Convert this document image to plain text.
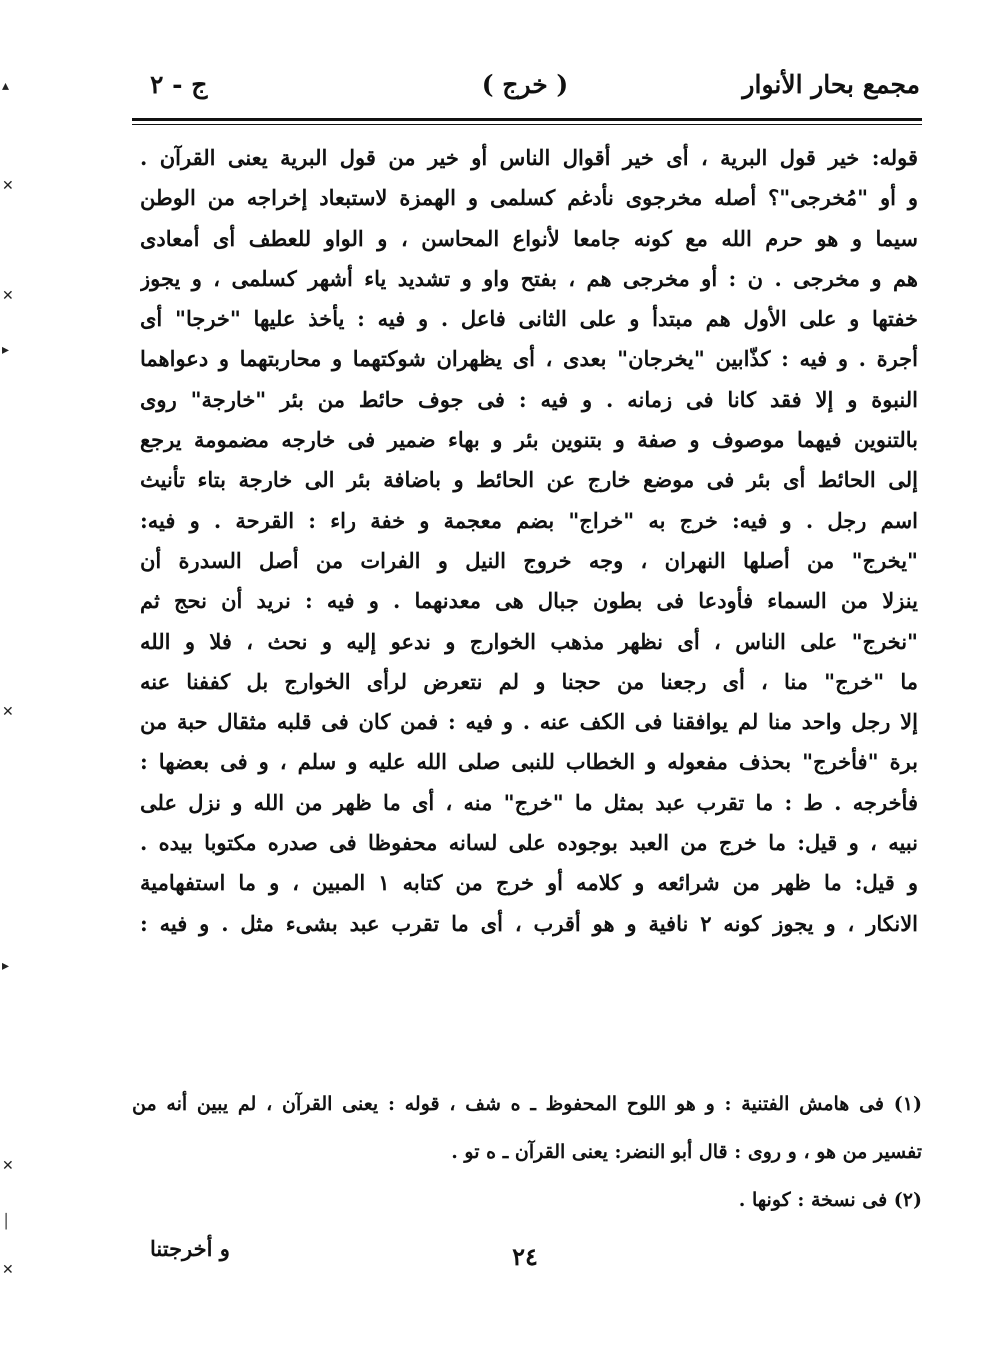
مجمع بحار الأنوار
( خرج )
ج - ٢
قوله: خير قول البرية ، أى خير أقوال الناس أو خير من قول البرية يعنى القرآن .
و أو "مُخرجى"؟ أصله مخرجوى نأدغم كسلمى و الهمزة لاستبعاد إخراجه من الوطن
سيما و هو حرم الله مع كونه جامعا لأنواع المحاسن ، و الواو للعطف أى أمعادى
هم و مخرجى . ن : أو مخرجى هم ، بفتح واو و تشديد ياء أشهر كسلمى ، و يجوز
خفتها و على الأول هم مبتدأ و على الثانى فاعل . و فيه : يأخذ عليها "خرجا" أى
أجرة . و فيه : كذّابين "يخرجان" بعدى ، أى يظهران شوكتهما و محاربتهما و دعواهما
النبوة و إلا فقد كانا فى زمانه . و فيه : فى جوف حائط من بئر "خارجة" روى
بالتنوين فيهما موصوف و صفة و بتنوين بئر و بهاء ضمير فى خارجه مضمومة يرجع
إلى الحائط أى بئر فى موضع خارج عن الحائط و باضافة بئر الى خارجة بتاء تأنيث
اسم رجل . و فيه: خرج به "خراج" بضم معجمة و خفة راء : القرحة . و فيه:
"يخرج" من أصلها النهران ، وجه خروج النيل و الفرات من أصل السدرة أن
ينزلا من السماء فأودعا فى بطون جبال هى معدنهما . و فيه : نريد أن نحج ثم
"نخرج" على الناس ، أى نظهر مذهب الخوارج و ندعو إليه و نحث ، فلا و الله
ما "خرج" منا ، أى رجعنا من حجنا و لم نتعرض لرأى الخوارج بل كففنا عنه
إلا رجل واحد منا لم يوافقنا فى الكف عنه . و فيه : فمن كان فى قلبه مثقال حبة من
برة "فأخرج" بحذف مفعوله و الخطاب للنبى صلى الله عليه و سلم ، و فى بعضها :
فأخرجه . ط : ما تقرب عبد بمثل ما "خرج" منه ، أى ما ظهر من الله و نزل على
نبيه ، و قيل: ما خرج من العبد بوجوده على لسانه محفوظا فى صدره مكتوبا بيده .
و قيل: ما ظهر من شرائعه و كلامه أو خرج من كتابه ١ المبين ، و ما استفهامية
الانكار ، و يجوز كونه ٢ نافية و هو أقرب ، أى ما تقرب عبد بشىء مثل . و فيه :
(١) فى هامش الفتنية : و هو اللوح المحفوظ ـ ه شف ، قوله : يعنى القرآن ، لم يبين أنه من
تفسير من هو ، و روى : قال أبو النضر: يعنى القرآن ـ ه تو .
(٢) فى نسخة : كونها .
٢٤
و أخرجتنا
▴
✕
✕
▸
✕
▸
✕
│
✕
